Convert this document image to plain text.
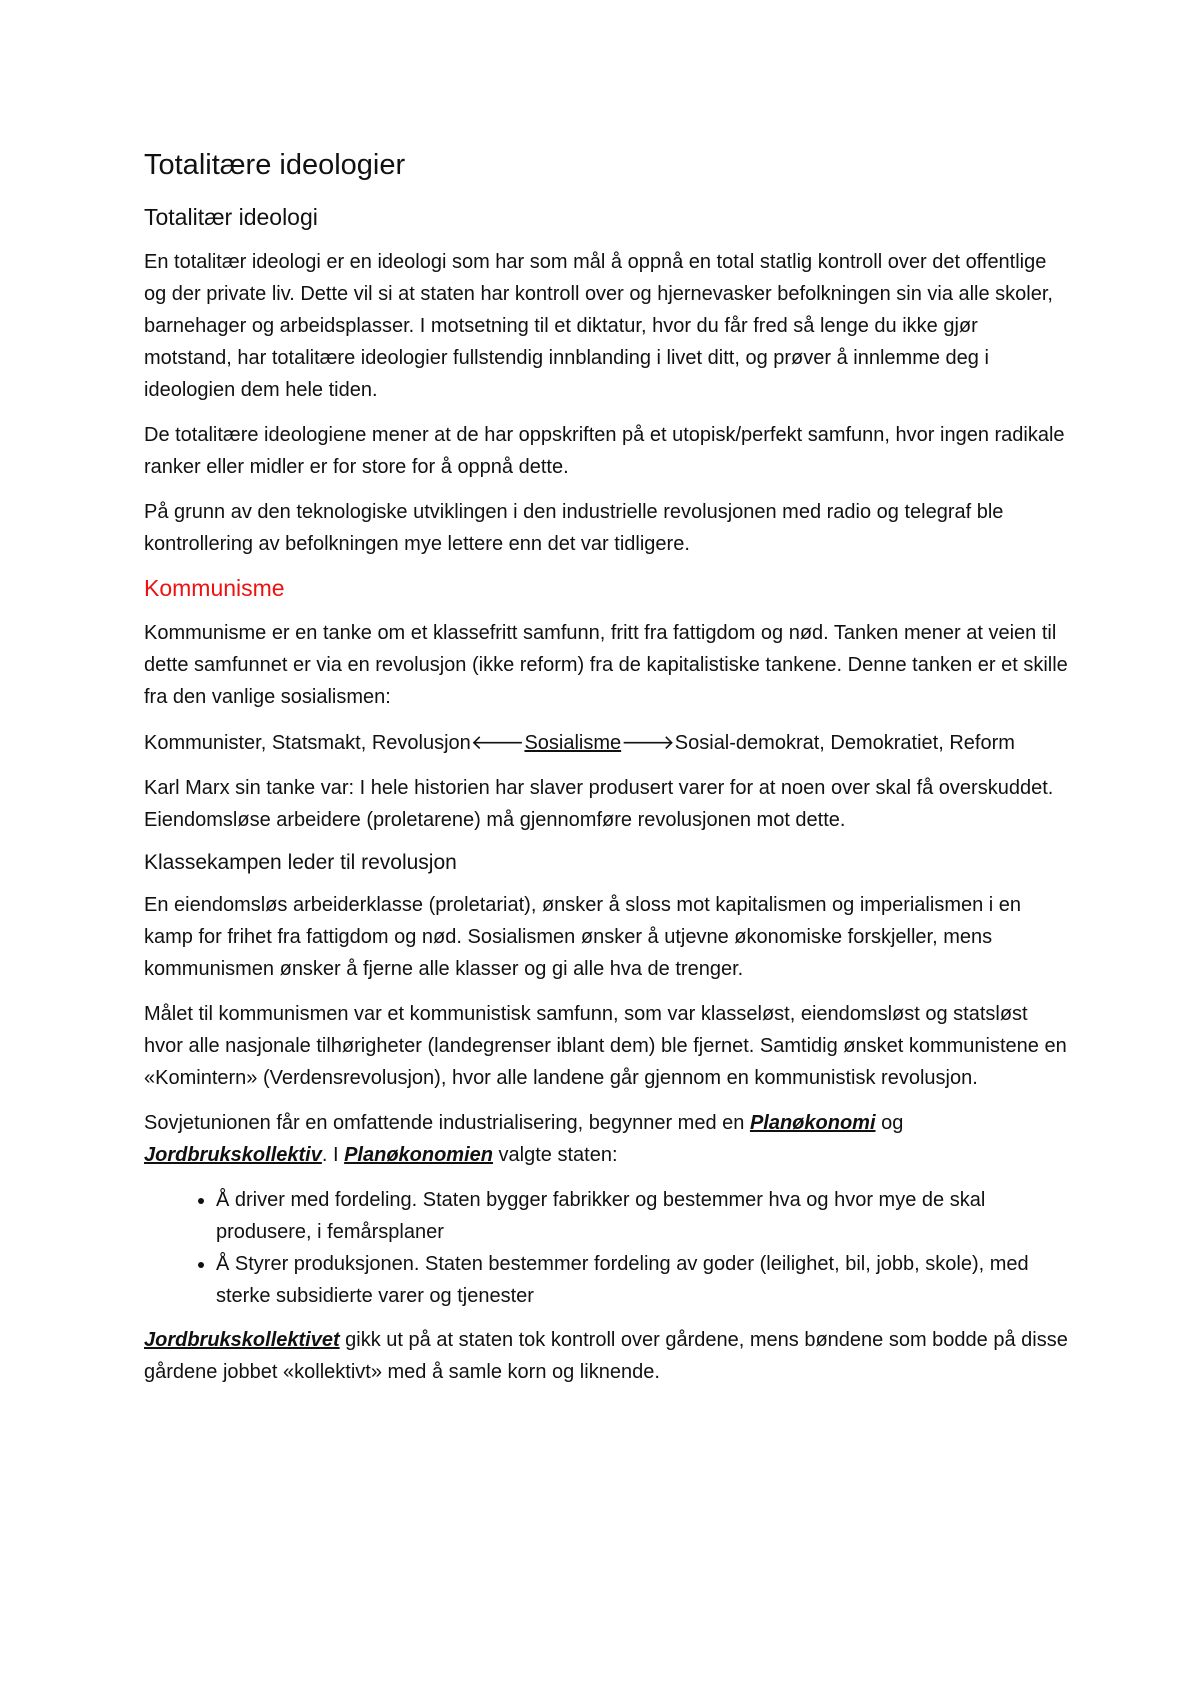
Totalitære ideologier
Totalitær ideologi

En totalitær ideologi er en ideologi som har som mål å oppnå en total statlig kontroll over det offentlige og der private liv. Dette vil si at staten har kontroll over og hjernevasker befolkningen sin via alle skoler, barnehager og arbeidsplasser. I motsetning til et diktatur, hvor du får fred så lenge du ikke gjør motstand, har totalitære ideologier fullstendig innblanding i livet ditt, og prøver å innlemme deg i ideologien dem hele tiden.

De totalitære ideologiene mener at de har oppskriften på et utopisk/perfekt samfunn, hvor ingen radikale ranker eller midler er for store for å oppnå dette.

På grunn av den teknologiske utviklingen i den industrielle revolusjonen med radio og telegraf ble kontrollering av befolkningen mye lettere enn det var tidligere.

Kommunisme

Kommunisme er en tanke om et klassefritt samfunn, fritt fra fattigdom og nød. Tanken mener at veien til dette samfunnet er via en revolusjon (ikke reform) fra de kapitalistiske tankene. Denne tanken er et skille fra den vanlige sosialismen:

Kommunister, Statsmakt, Revolusjon🡐Sosialisme🡒Sosial-demokrat, Demokratiet, Reform

Karl Marx sin tanke var: I hele historien har slaver produsert varer for at noen over skal få overskuddet. Eiendomsløse arbeidere (proletarene) må gjennomføre revolusjonen mot dette.

Klassekampen leder til revolusjon

En eiendomsløs arbeiderklasse (proletariat), ønsker å sloss mot kapitalismen og imperialismen i en kamp for frihet fra fattigdom og nød. Sosialismen ønsker å utjevne økonomiske forskjeller, mens kommunismen ønsker å fjerne alle klasser og gi alle hva de trenger.

Målet til kommunismen var et kommunistisk samfunn, som var klasseløst, eiendomsløst og statsløst hvor alle nasjonale tilhørigheter (landegrenser iblant dem) ble fjernet. Samtidig ønsket kommunistene en «Komintern» (Verdensrevolusjon), hvor alle landene går gjennom en kommunistisk revolusjon.

Sovjetunionen får en omfattende industrialisering, begynner med en Planøkonomi og Jordbrukskollektiv. I Planøkonomien valgte staten:

• Å driver med fordeling. Staten bygger fabrikker og bestemmer hva og hvor mye de skal produsere, i femårsplaner
• Å Styrer produksjonen. Staten bestemmer fordeling av goder (leilighet, bil, jobb, skole), med sterke subsidierte varer og tjenester

Jordbrukskollektivet gikk ut på at staten tok kontroll over gårdene, mens bøndene som bodde på disse gårdene jobbet «kollektivt» med å samle korn og liknende.
